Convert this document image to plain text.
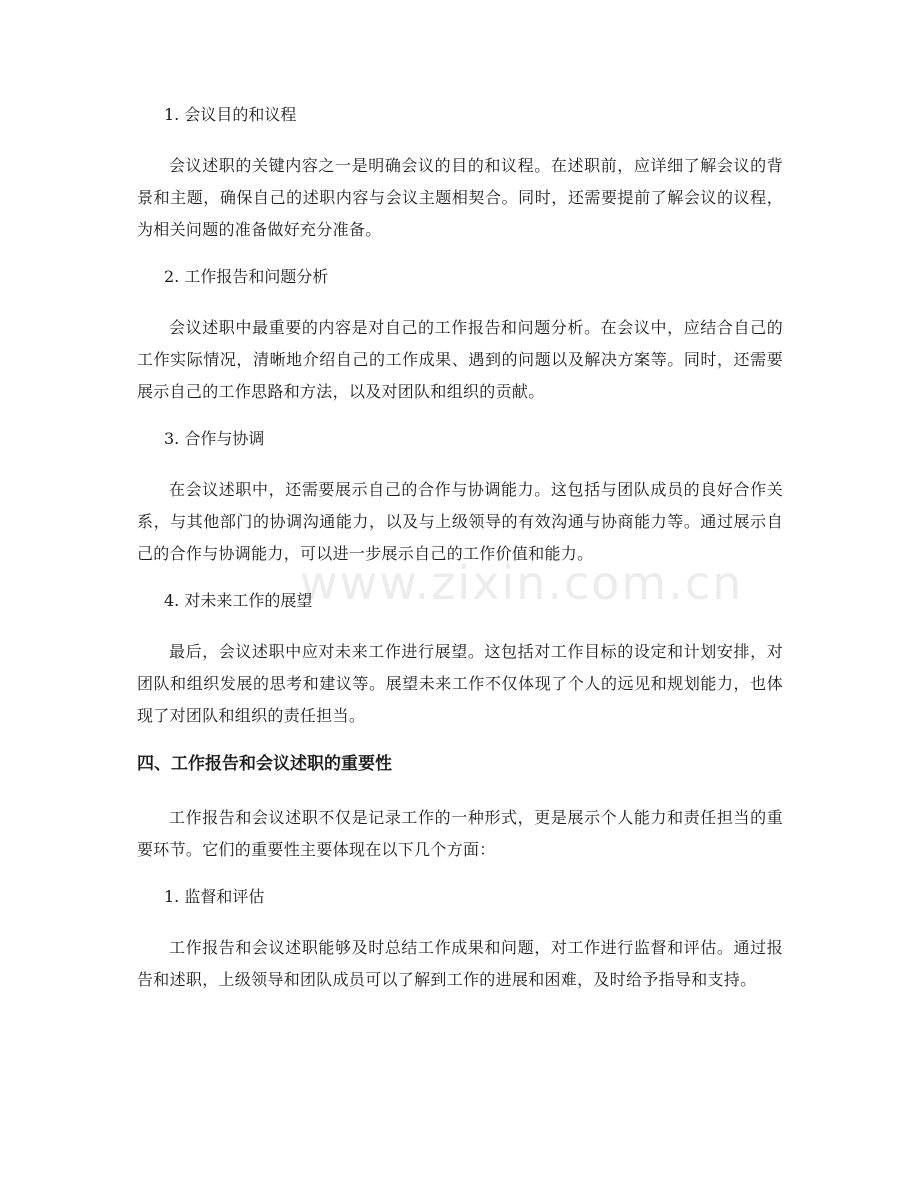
www.zixin.com.cn

1. 会议目的和议程

会议述职的关键内容之一是明确会议的目的和议程。在述职前，应详细了解会议的背景和主题，确保自己的述职内容与会议主题相契合。同时，还需要提前了解会议的议程，为相关问题的准备做好充分准备。

2. 工作报告和问题分析

会议述职中最重要的内容是对自己的工作报告和问题分析。在会议中，应结合自己的工作实际情况，清晰地介绍自己的工作成果、遇到的问题以及解决方案等。同时，还需要展示自己的工作思路和方法，以及对团队和组织的贡献。

3. 合作与协调

在会议述职中，还需要展示自己的合作与协调能力。这包括与团队成员的良好合作关系，与其他部门的协调沟通能力，以及与上级领导的有效沟通与协商能力等。通过展示自己的合作与协调能力，可以进一步展示自己的工作价值和能力。

4. 对未来工作的展望

最后，会议述职中应对未来工作进行展望。这包括对工作目标的设定和计划安排，对团队和组织发展的思考和建议等。展望未来工作不仅体现了个人的远见和规划能力，也体现了对团队和组织的责任担当。

四、工作报告和会议述职的重要性

工作报告和会议述职不仅是记录工作的一种形式，更是展示个人能力和责任担当的重要环节。它们的重要性主要体现在以下几个方面：

1. 监督和评估

工作报告和会议述职能够及时总结工作成果和问题，对工作进行监督和评估。通过报告和述职，上级领导和团队成员可以了解到工作的进展和困难，及时给予指导和支持。
